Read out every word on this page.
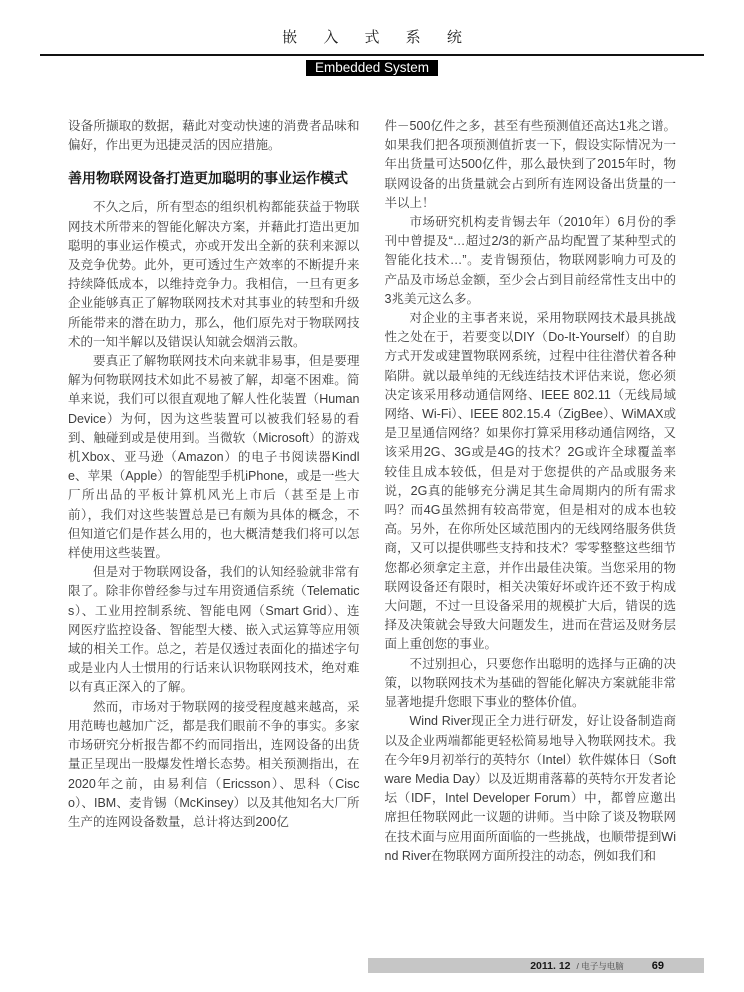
嵌 入 式 系 统
Embedded System

设备所撷取的数据，藉此对变动快速的消费者品味和偏好，作出更为迅捷灵活的因应措施。

善用物联网设备打造更加聪明的事业运作模式

不久之后，所有型态的组织机构都能获益于物联网技术所带来的智能化解决方案，并藉此打造出更加聪明的事业运作模式，亦或开发出全新的获利来源以及竞争优势。此外，更可透过生产效率的不断提升来持续降低成本，以维持竞争力。我相信，一旦有更多企业能够真正了解物联网技术对其事业的转型和升级所能带来的潜在助力，那么，他们原先对于物联网技术的一知半解以及错误认知就会烟消云散。

要真正了解物联网技术向来就非易事，但是要理解为何物联网技术如此不易被了解，却毫不困难。简单来说，我们可以很直观地了解人性化装置（Human Device）为何，因为这些装置可以被我们轻易的看到、触碰到或是使用到。当微软（Microsoft）的游戏机Xbox、亚马逊（Amazon）的电子书阅读器Kindle、苹果（Apple）的智能型手机iPhone，或是一些大厂所出品的平板计算机风光上市后（甚至是上市前），我们对这些装置总是已有颇为具体的概念，不但知道它们是作甚么用的，也大概清楚我们将可以怎样使用这些装置。

但是对于物联网设备，我们的认知经验就非常有限了。除非你曾经参与过车用资通信系统（Telematics）、工业用控制系统、智能电网（Smart Grid）、连网医疗监控设备、智能型大楼、嵌入式运算等应用领域的相关工作。总之，若是仅透过表面化的描述字句或是业内人士惯用的行话来认识物联网技术，绝对难以有真正深入的了解。

然而，市场对于物联网的接受程度越来越高，采用范畴也越加广泛，都是我们眼前不争的事实。多家市场研究分析报告都不约而同指出，连网设备的出货量正呈现出一股爆发性增长态势。相关预测指出，在2020年之前，由易利信（Ericsson）、思科（Cisco）、IBM、麦肯锡（McKinsey）以及其他知名大厂所生产的连网设备数量，总计将达到200亿

件－500亿件之多，甚至有些预测值还高达1兆之谱。如果我们把各项预测值折衷一下，假设实际情况为一年出货量可达500亿件，那么最快到了2015年时，物联网设备的出货量就会占到所有连网设备出货量的一半以上！

市场研究机构麦肯锡去年（2010年）6月份的季刊中曾提及“…超过2/3的新产品均配置了某种型式的智能化技术…”。麦肯锡预估，物联网影响力可及的产品及市场总金额，至少会占到目前经常性支出中的3兆美元这么多。

对企业的主事者来说，采用物联网技术最具挑战性之处在于，若要变以DIY（Do-It-Yourself）的自助方式开发或建置物联网系统，过程中往往潜伏着各种陷阱。就以最单纯的无线连结技术评估来说，您必须决定该采用移动通信网络、IEEE 802.11（无线局域网络、Wi-Fi）、IEEE 802.15.4（ZigBee）、WiMAX或是卫星通信网络？如果你打算采用移动通信网络，又该采用2G、3G或是4G的技术？2G或许全球覆盖率较佳且成本较低，但是对于您提供的产品或服务来说，2G真的能够充分满足其生命周期内的所有需求吗？而4G虽然拥有较高带宽，但是相对的成本也较高。另外，在你所处区域范围内的无线网络服务供货商，又可以提供哪些支持和技术？零零整整这些细节您都必须拿定主意，并作出最佳决策。当您采用的物联网设备还有限时，相关决策好坏或许还不致于构成大问题，不过一旦设备采用的规模扩大后，错误的选择及决策就会导致大问题发生，进而在营运及财务层面上重创您的事业。

不过别担心，只要您作出聪明的选择与正确的决策，以物联网技术为基础的智能化解决方案就能非常显著地提升您眼下事业的整体价值。

Wind River现正全力进行研发，好让设备制造商以及企业两端都能更轻松简易地导入物联网技术。我在今年9月初举行的英特尔（Intel）软件媒体日（Software Media Day）以及近期甫落幕的英特尔开发者论坛（IDF，Intel Developer Forum）中，都曾应邀出席担任物联网此一议题的讲师。当中除了谈及物联网在技术面与应用面所面临的一些挑战，也顺带提到Wind River在物联网方面所投注的动态，例如我们和

2011. 12 / 电子与电脑	69
